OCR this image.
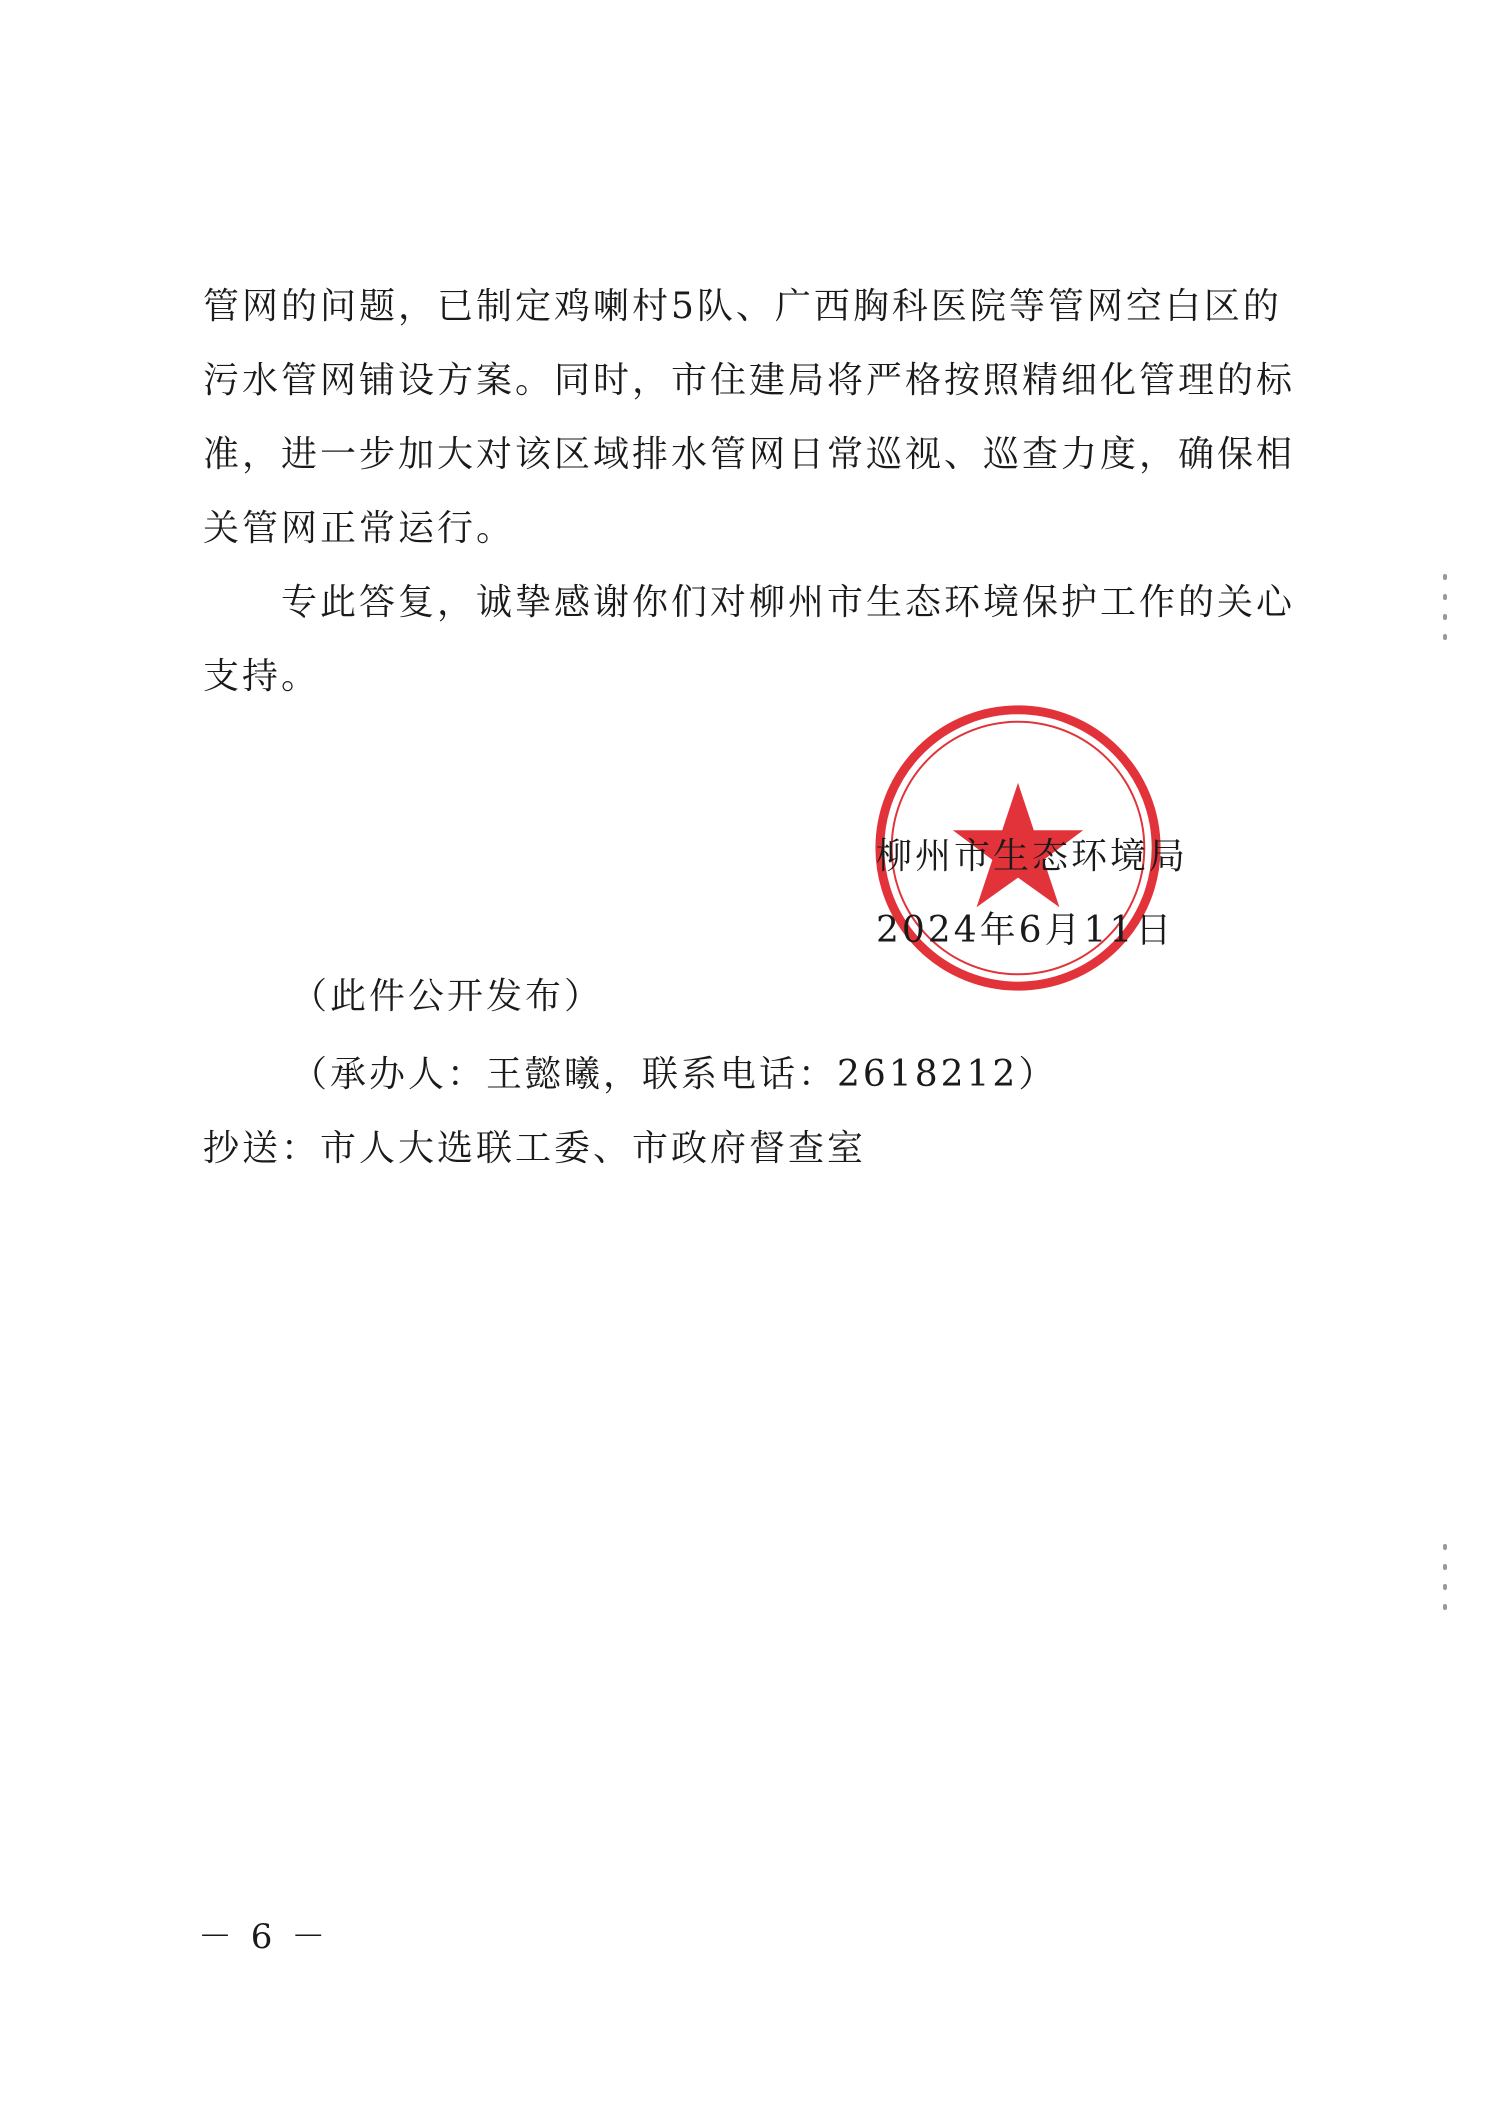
管网的问题，已制定鸡喇村5队、广西胸科医院等管网空白区的污水管网铺设方案。同时，市住建局将严格按照精细化管理的标准，进一步加大对该区域排水管网日常巡视、巡查力度，确保相关管网正常运行。

专此答复，诚挚感谢你们对柳州市生态环境保护工作的关心支持。

柳州市生态环境局
2024年6月11日
（此件公开发布）
（承办人：王懿曦，联系电话：2618212）
抄送：市人大选联工委、市政府督查室
－ 6 －
